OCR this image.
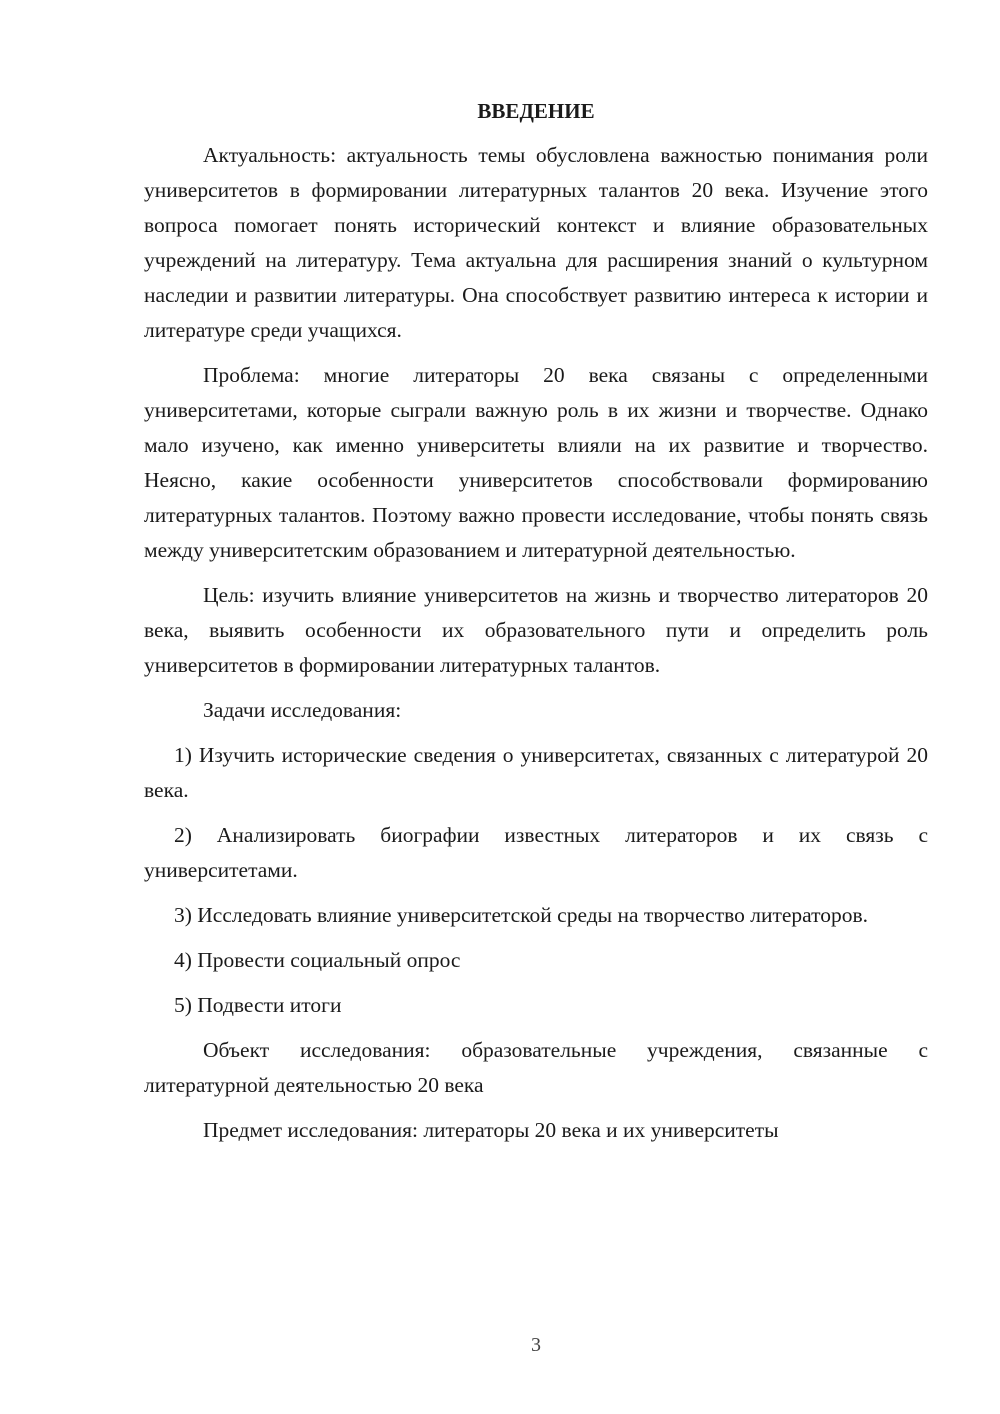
ВВЕДЕНИЕ

Актуальность: актуальность темы обусловлена важностью понимания роли университетов в формировании литературных талантов 20 века. Изучение этого вопроса помогает понять исторический контекст и влияние образовательных учреждений на литературу. Тема актуальна для расширения знаний о культурном наследии и развитии литературы. Она способствует развитию интереса к истории и литературе среди учащихся.

Проблема: многие литераторы 20 века связаны с определенными университетами, которые сыграли важную роль в их жизни и творчестве. Однако мало изучено, как именно университеты влияли на их развитие и творчество. Неясно, какие особенности университетов способствовали формированию литературных талантов. Поэтому важно провести исследование, чтобы понять связь между университетским образованием и литературной деятельностью.

Цель: изучить влияние университетов на жизнь и творчество литераторов 20 века, выявить особенности их образовательного пути и определить роль университетов в формировании литературных талантов.

Задачи исследования:

1) Изучить исторические сведения о университетах, связанных с литературой 20 века.

2) Анализировать биографии известных литераторов и их связь с университетами.

3) Исследовать влияние университетской среды на творчество литераторов.

4) Провести социальный опрос

5) Подвести итоги

Объект исследования: образовательные учреждения, связанные с литературной деятельностью 20 века

Предмет исследования: литераторы 20 века и их университеты

3
